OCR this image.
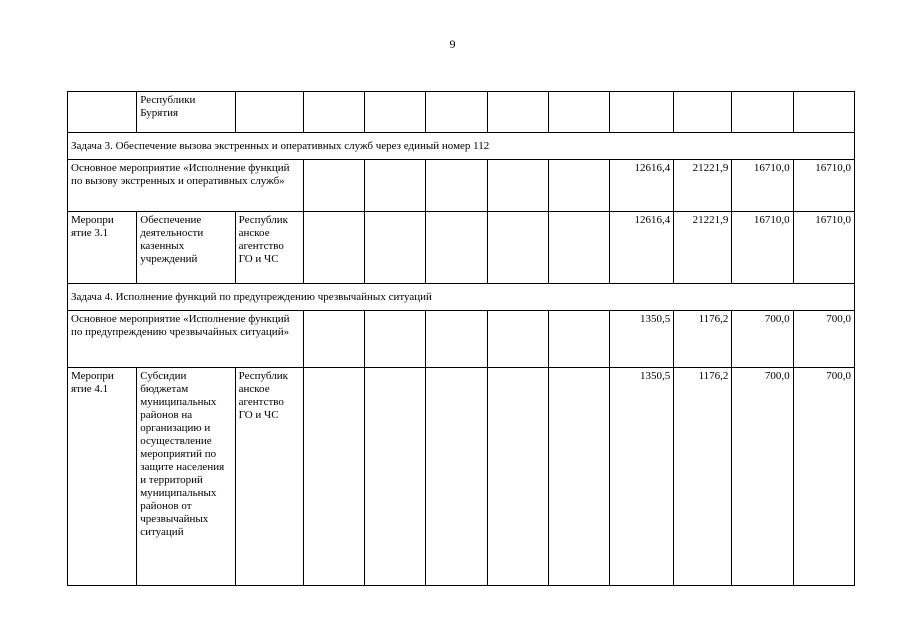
9
	Республики Бурятия										
Задача 3. Обеспечение вызова экстренных и оперативных служб через единый номер 112											
Основное мероприятие «Исполнение функций по вызову экстренных и оперативных служб»								12616,4	21221,9	16710,0	16710,0
Меропри ятие 3.1	Обеспечение деятельности казенных учреждений	Республик анское агентство ГО и ЧС						12616,4	21221,9	16710,0	16710,0
Задача 4. Исполнение функций по предупреждению чрезвычайных ситуаций											
Основное мероприятие «Исполнение функций по предупреждению чрезвычайных ситуаций»								1350,5	1176,2	700,0	700,0
Меропри ятие 4.1	Субсидии бюджетам муниципальных районов на организацию и осуществление мероприятий по защите населения и территорий муниципальных районов от чрезвычайных ситуаций	Республик анское агентство ГО и ЧС						1350,5	1176,2	700,0	700,0
